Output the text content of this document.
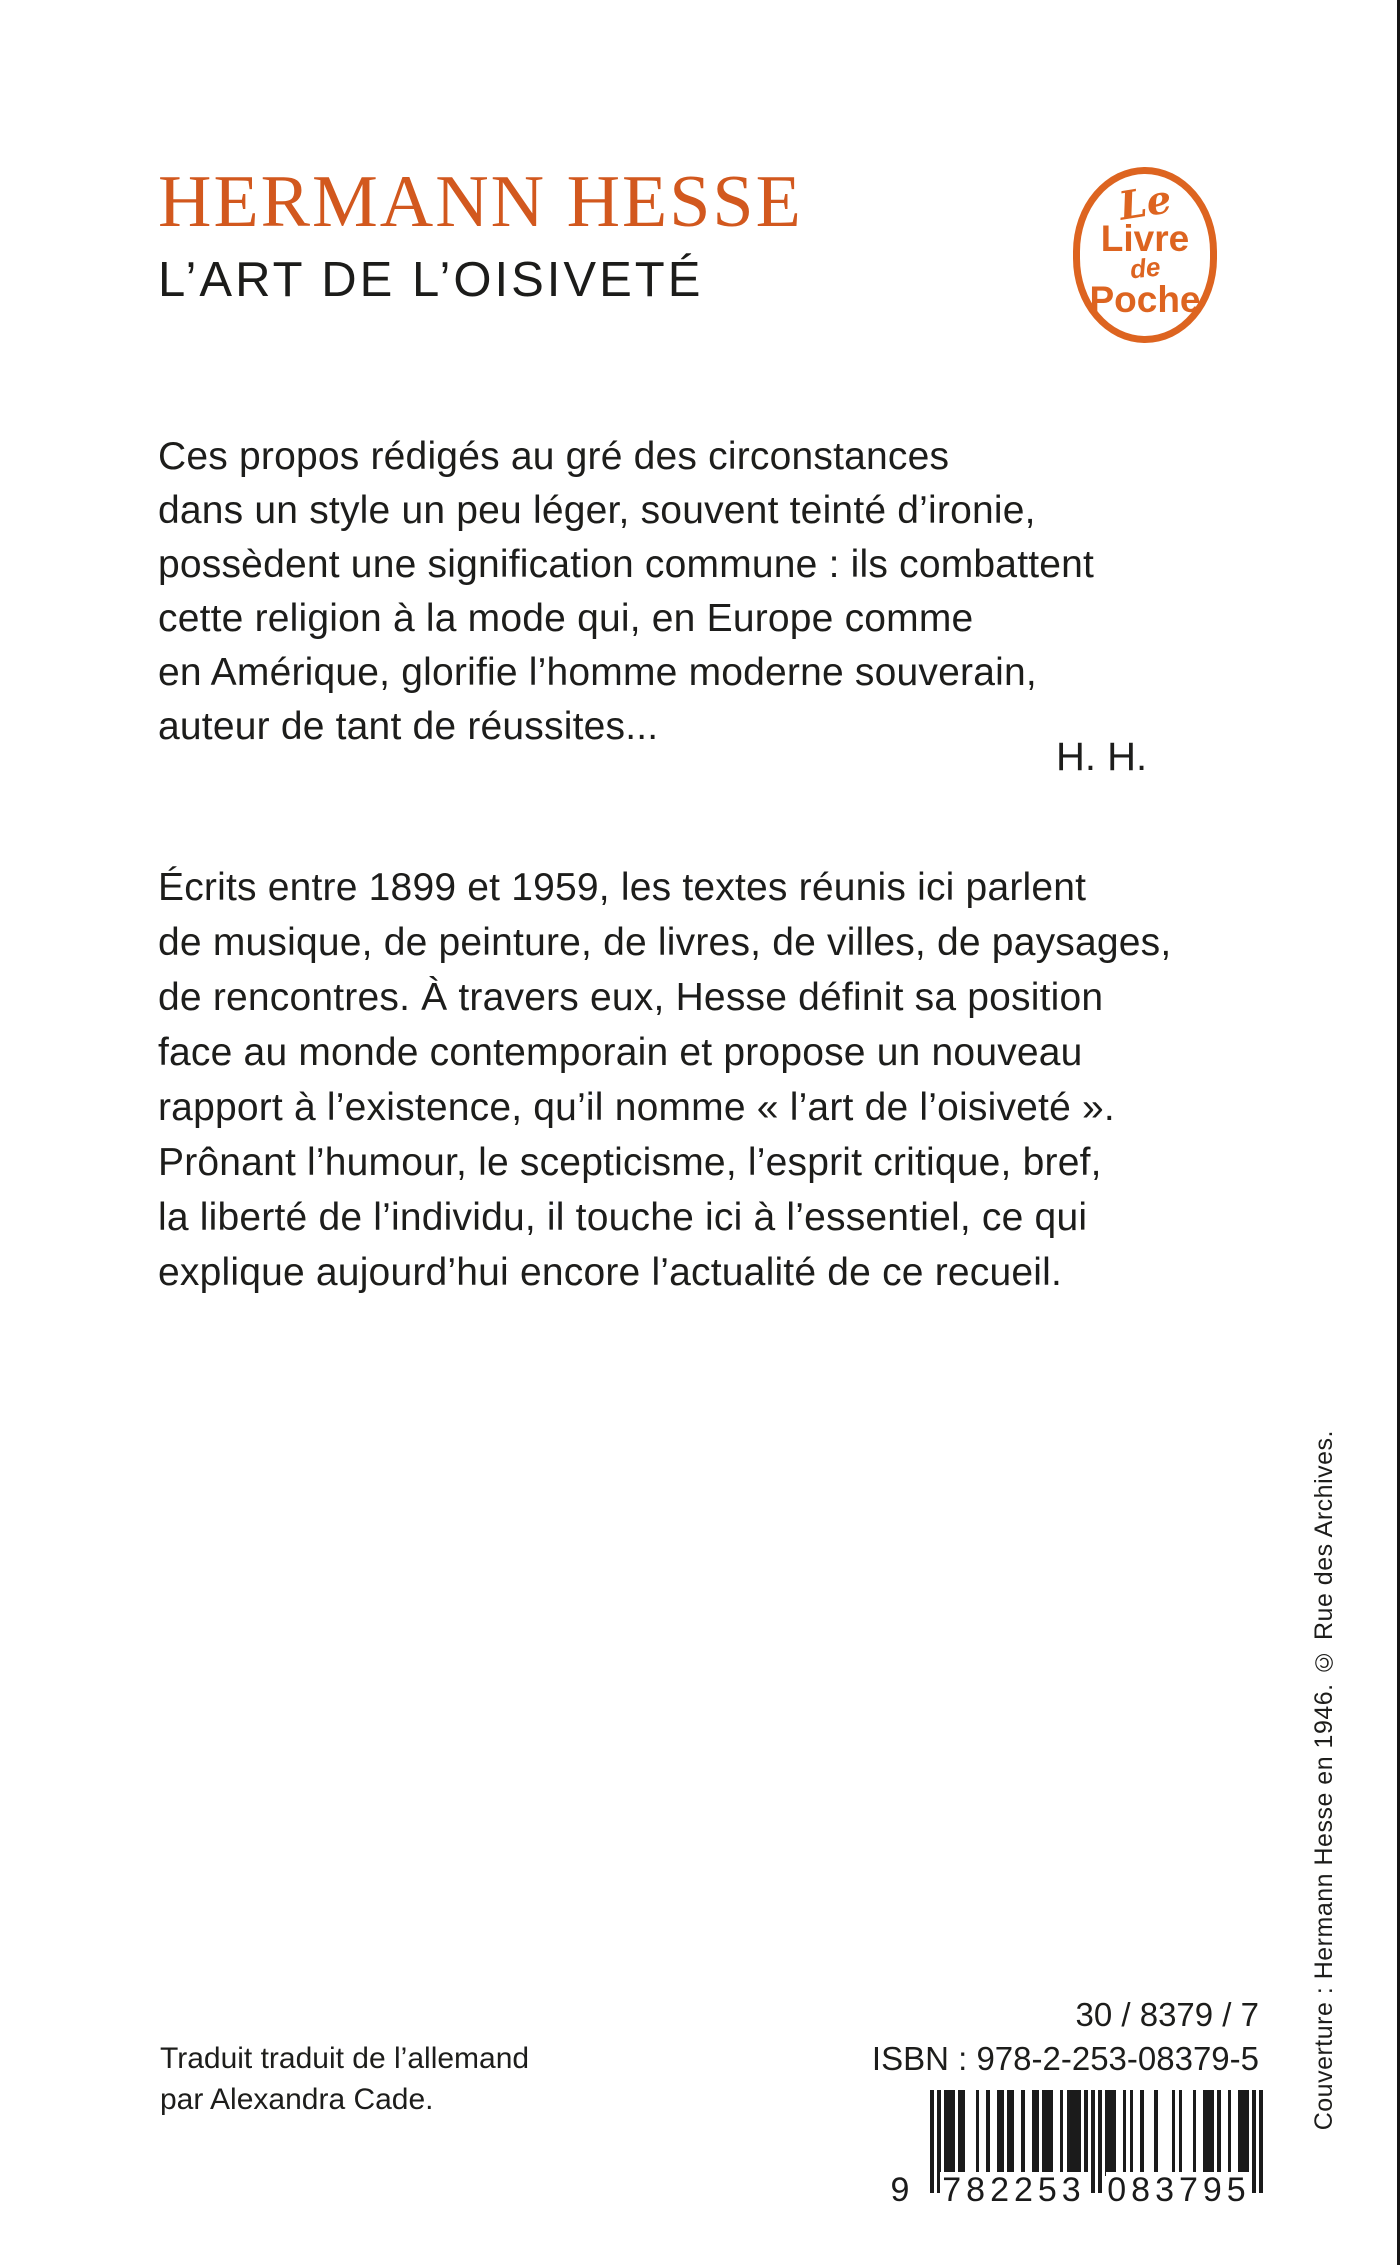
HERMANN HESSE
L’ART DE L’OISIVETÉ
Le
Livre
de
Poche
Ces propos rédigés au gré des circonstances
dans un style un peu léger, souvent teinté d’ironie,
possèdent une signification commune : ils combattent
cette religion à la mode qui, en Europe comme
en Amérique, glorifie l’homme moderne souverain,
auteur de tant de réussites...
H. H.
Écrits entre 1899 et 1959, les textes réunis ici parlent
de musique, de peinture, de livres, de villes, de paysages,
de rencontres. À travers eux, Hesse définit sa position
face au monde contemporain et propose un nouveau
rapport à l’existence, qu’il nomme « l’art de l’oisiveté ».
Prônant l’humour, le scepticisme, l’esprit critique, bref,
la liberté de l’individu, il touche ici à l’essentiel, ce qui
explique aujourd’hui encore l’actualité de ce recueil.
Couverture : Hermann Hesse en 1946. © Rue des Archives.
Traduit traduit de l’allemand
par Alexandra Cade.
30 / 8379 / 7
ISBN : 978-2-253-08379-5
9 782253 083795
